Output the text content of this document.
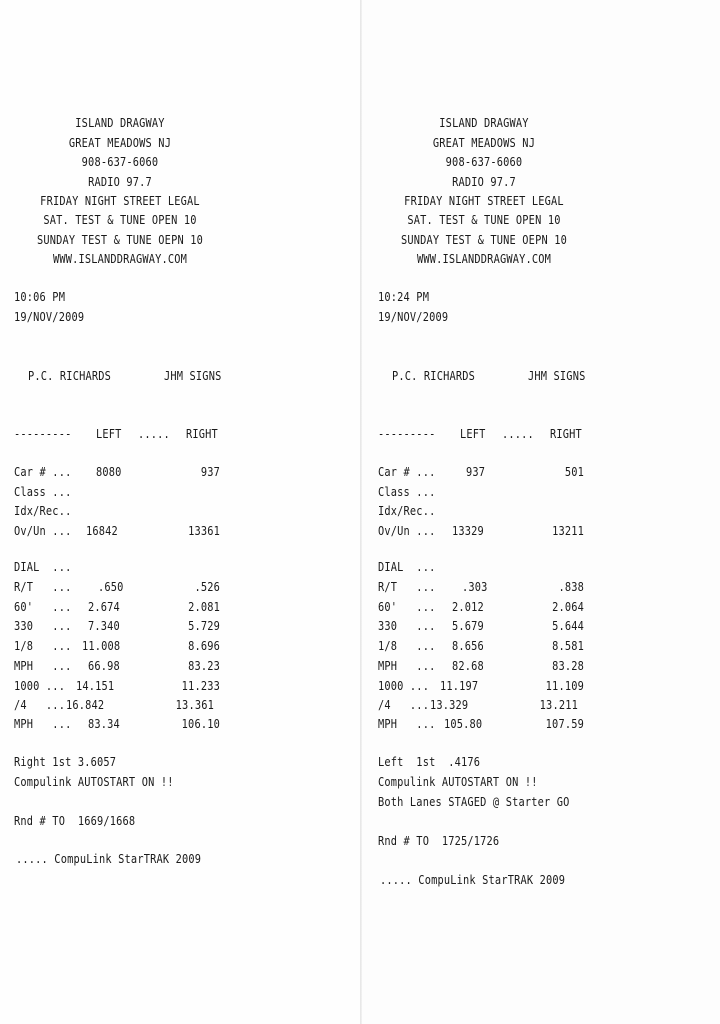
ISLAND DRAGWAY
GREAT MEADOWS NJ
908-637-6060
RADIO 97.7
FRIDAY NIGHT STREET LEGAL
SAT. TEST & TUNE OPEN 10
SUNDAY TEST & TUNE OEPN 10
WWW.ISLANDDRAGWAY.COM
10:06 PM
19/NOV/2009
P.C. RICHARDS	JHM SIGNS
--------- LEFT ..... RIGHT
Car # ... 8080	937
Class ...
Idx/Rec..
Ov/Un ... 16842	13361
DIAL  ...
R/T   ... .650	.526
60'   ... 2.674	2.081
330   ... 7.340	5.729
1/8   ... 11.008	8.696
MPH   ... 66.98	83.23
1000 ... 14.151	11.233
/4   ... 16.842	13.361
MPH   ... 83.34	106.10
Right 1st 3.6057
Compulink AUTOSTART ON !!
Rnd # TO  1669/1668
..... CompuLink StarTRAK 2009
ISLAND DRAGWAY
GREAT MEADOWS NJ
908-637-6060
RADIO 97.7
FRIDAY NIGHT STREET LEGAL
SAT. TEST & TUNE OPEN 10
SUNDAY TEST & TUNE OEPN 10
WWW.ISLANDDRAGWAY.COM
10:24 PM
19/NOV/2009
P.C. RICHARDS	JHM SIGNS
--------- LEFT ..... RIGHT
Car # ...	937	501
Class ...
Idx/Rec..
Ov/Un ... 13329	13211
DIAL  ...
R/T   ... .303	.838
60'   ... 2.012	2.064
330   ... 5.679	5.644
1/8   ... 8.656	8.581
MPH   ... 82.68	83.28
1000 ... 11.197	11.109
/4   ... 13.329	13.211
MPH   ... 105.80	107.59
Left  1st  .4176
Compulink AUTOSTART ON !!
Both Lanes STAGED @ Starter GO
Rnd # TO  1725/1726
..... CompuLink StarTRAK 2009
